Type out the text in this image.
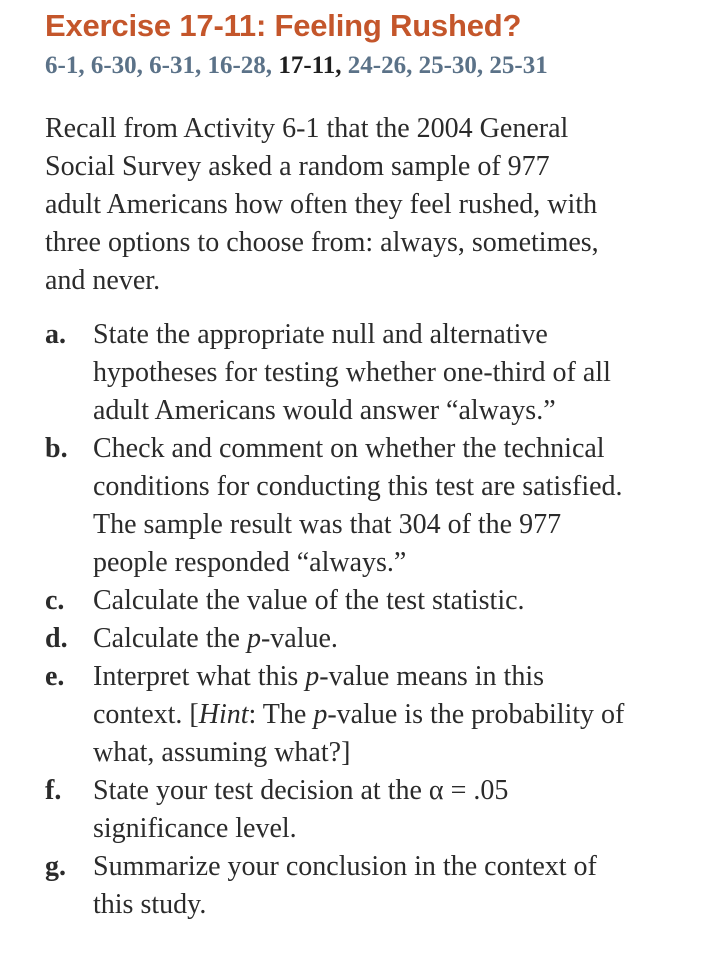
Exercise 17-11: Feeling Rushed?
6-1, 6-30, 6-31, 16-28, 17-11, 24-26, 25-30, 25-31
Recall from Activity 6-1 that the 2004 General
Social Survey asked a random sample of 977
adult Americans how often they feel rushed, with
three options to choose from: always, sometimes,
and never.
a. State the appropriate null and alternative
hypotheses for testing whether one-third of all
adult Americans would answer “always.”
b. Check and comment on whether the technical
conditions for conducting this test are satisfied.
The sample result was that 304 of the 977
people responded “always.”
c. Calculate the value of the test statistic.
d. Calculate the p-value.
e. Interpret what this p-value means in this
context. [Hint: The p-value is the probability of
what, assuming what?]
f. State your test decision at the α = .05
significance level.
g. Summarize your conclusion in the context of
this study.
